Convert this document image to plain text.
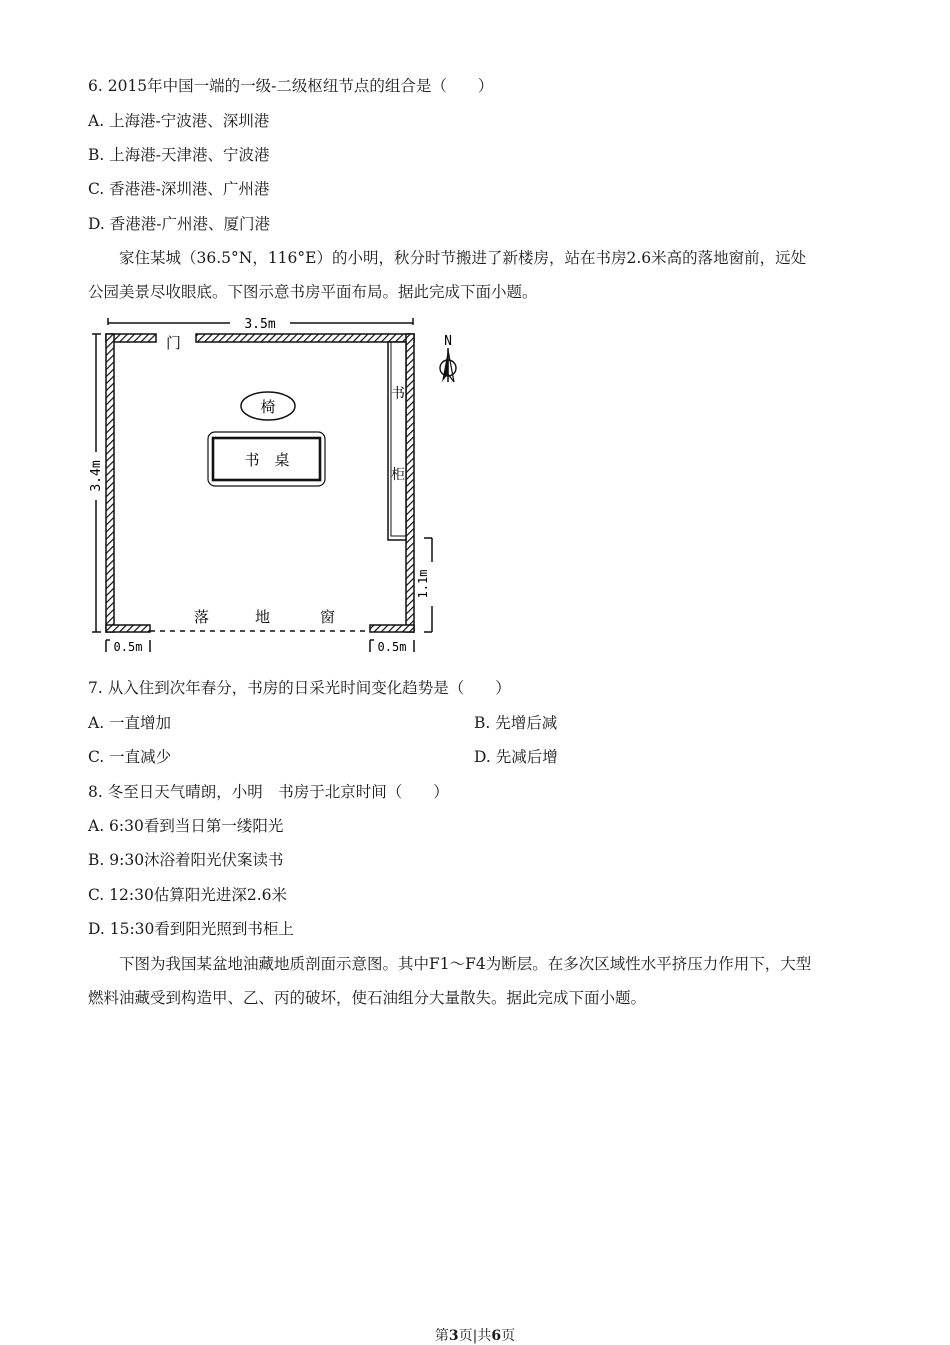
6. 2015年中国一端的一级-二级枢纽节点的组合是（　　）
A. 上海港-宁波港、深圳港
B. 上海港-天津港、宁波港
C. 香港港-深圳港、广州港
D. 香港港-广州港、厦门港
家住某城（36.5°N，116°E）的小明，秋分时节搬进了新楼房，站在书房2.6米高的落地窗前，远处
公园美景尽收眼底。下图示意书房平面布局。据此完成下面小题。
3.5m
3.4m
门
落	地	窗
0.5m	0.5m
1.1m
书
柜
椅
书　桌
N
7. 从入住到次年春分，书房的日采光时间变化趋势是（　　）
A. 一直增加	B. 先增后减
C. 一直减少	D. 先减后增
8. 冬至日天气晴朗，小明　书房于北京时间（　　）
A. 6:30看到当日第一缕阳光
B. 9:30沐浴着阳光伏案读书
C. 12:30估算阳光进深2.6米
D. 15:30看到阳光照到书柜上
下图为我国某盆地油藏地质剖面示意图。其中F1～F4为断层。在多次区域性水平挤压力作用下，大型
燃料油藏受到构造甲、乙、丙的破坏，使石油组分大量散失。据此完成下面小题。
第3页|共6页
